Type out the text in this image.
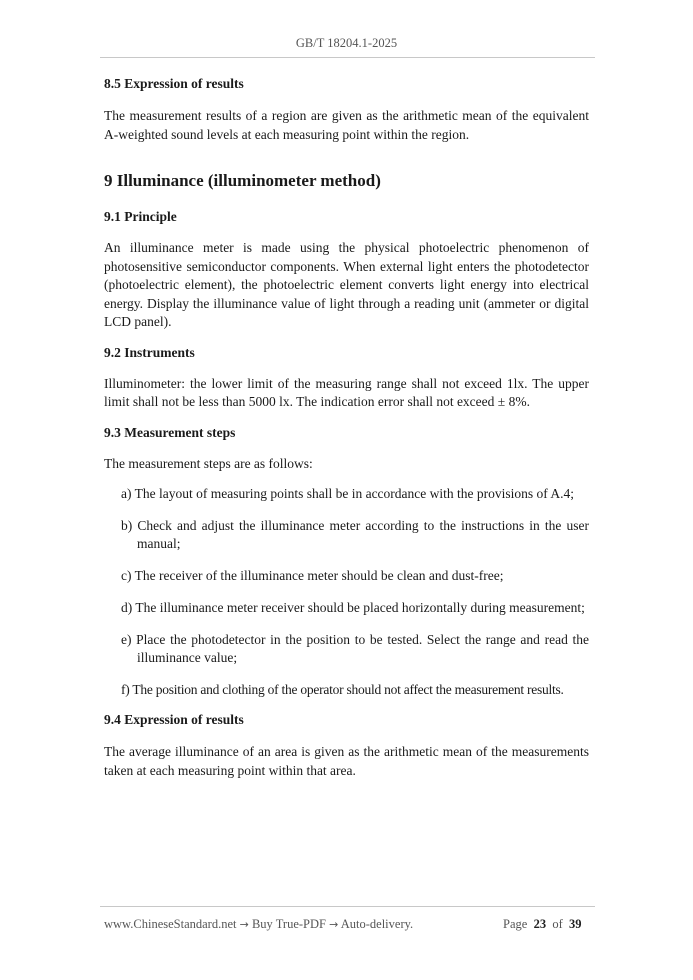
GB/T 18204.1-2025
8.5 Expression of results

The measurement results of a region are given as the arithmetic mean of the equivalent A-weighted sound levels at each measuring point within the region.

9 Illuminance (illuminometer method)
9.1 Principle

An illuminance meter is made using the physical photoelectric phenomenon of photosensitive semiconductor components. When external light enters the photodetector (photoelectric element), the photoelectric element converts light energy into electrical energy. Display the illuminance value of light through a reading unit (ammeter or digital LCD panel).

9.2 Instruments

Illuminometer: the lower limit of the measuring range shall not exceed 1lx. The upper limit shall not be less than 5000 lx. The indication error shall not exceed ± 8%.

9.3 Measurement steps

The measurement steps are as follows:

a) The layout of measuring points shall be in accordance with the provisions of A.4;

b) Check and adjust the illuminance meter according to the instructions in the user manual;

c) The receiver of the illuminance meter should be clean and dust-free;

d) The illuminance meter receiver should be placed horizontally during measurement;

e) Place the photodetector in the position to be tested. Select the range and read the illuminance value;

f) The position and clothing of the operator should not affect the measurement results.

9.4 Expression of results

The average illuminance of an area is given as the arithmetic mean of the measurements taken at each measuring point within that area.

www.ChineseStandard.net → Buy True-PDF → Auto-delivery.	Page 23 of 39
